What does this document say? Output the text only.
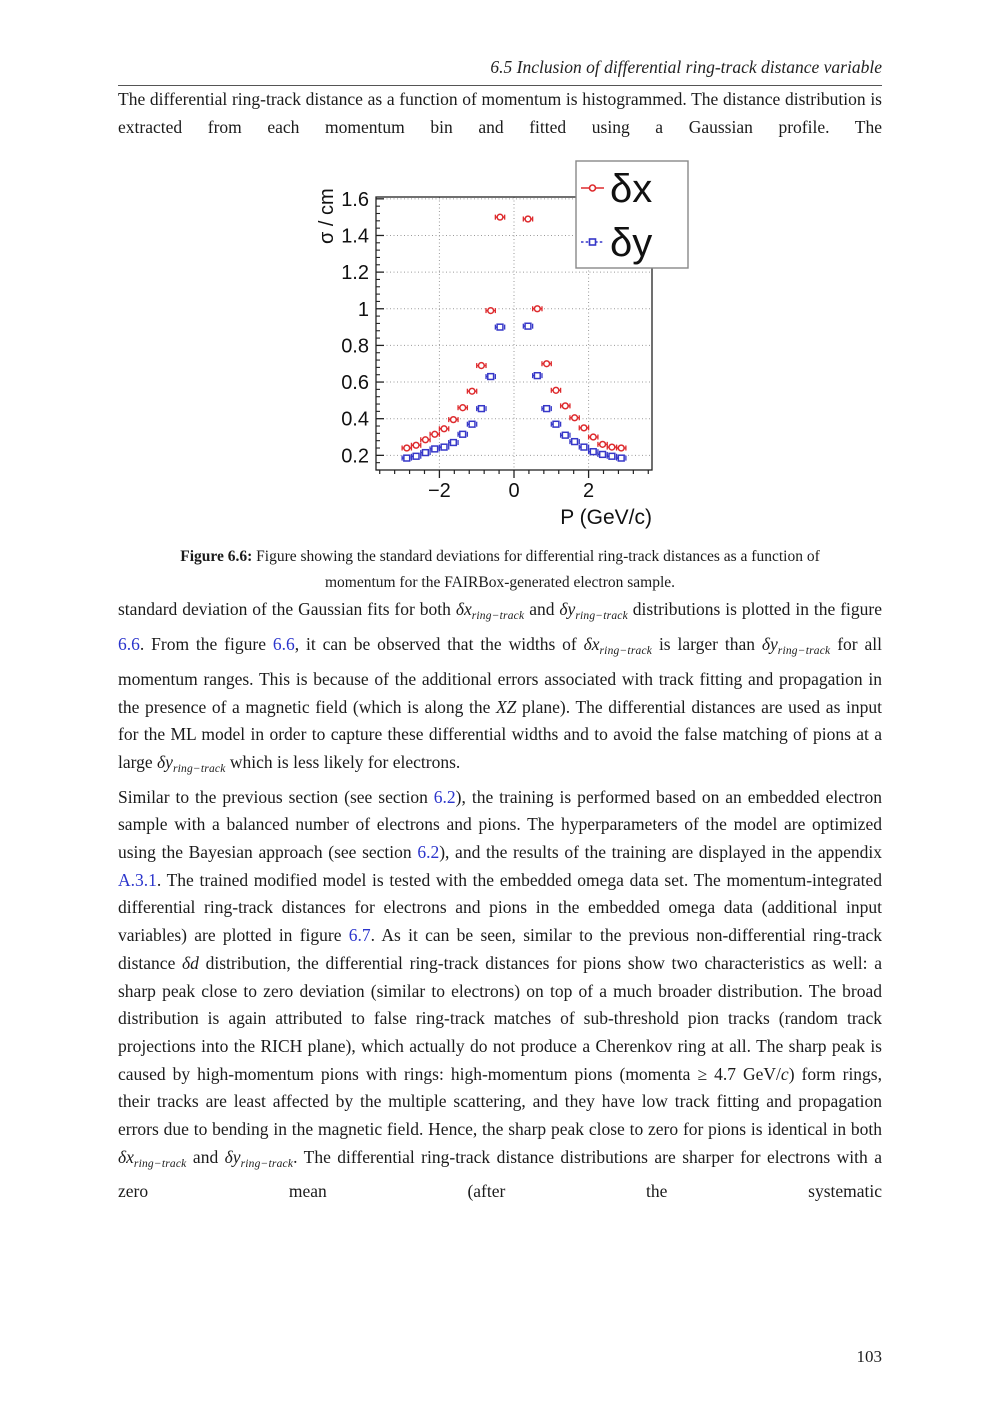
6.5 Inclusion of differential ring-track distance variable

The differential ring-track distance as a function of momentum is histogrammed. The distance distribution is extracted from each momentum bin and fitted using a Gaussian profile. The

−2	0	2
0.2
0.4
0.6
0.8
1
1.2
1.4
1.6
P (GeV/c)
σ / cm	δx
δy
Figure 6.6: Figure showing the standard deviations for differential ring-track distances as a function of momentum for the FAIRBox-generated electron sample.

standard deviation of the Gaussian fits for both $\delta x_{ring-track}$ and $\delta y_{ring-track}$ distributions is plotted in the figure 6.6. From the figure 6.6, it can be observed that the widths of $\delta x_{ring-track}$ is larger than $\delta y_{ring-track}$ for all momentum ranges. This is because of the additional errors associated with track fitting and propagation in the presence of a magnetic field (which is along the XZ plane). The differential distances are used as input for the ML model in order to capture these differential widths and to avoid the false matching of pions at a large $\delta y_{ring-track}$ which is less likely for electrons.

Similar to the previous section (see section 6.2), the training is performed based on an embedded electron sample with a balanced number of electrons and pions. The hyperparameters of the model are optimized using the Bayesian approach (see section 6.2), and the results of the training are displayed in the appendix A.3.1. The trained modified model is tested with the embedded omega data set. The momentum-integrated differential ring-track distances for electrons and pions in the embedded omega data (additional input variables) are plotted in figure 6.7. As it can be seen, similar to the previous non-differential ring-track distance δd distribution, the differential ring-track distances for pions show two characteristics as well: a sharp peak close to zero deviation (similar to electrons) on top of a much broader distribution. The broad distribution is again attributed to false ring-track matches of sub-threshold pion tracks (random track projections into the RICH plane), which actually do not produce a Cherenkov ring at all. The sharp peak is caused by high-momentum pions with rings: high-momentum pions (momenta ≥ 4.7 GeV/c) form rings, their tracks are least affected by the multiple scattering, and they have low track fitting and propagation errors due to bending in the magnetic field. Hence, the sharp peak close to zero for pions is identical in both $\delta x_{ring-track}$ and $\delta y_{ring-track}$. The differential ring-track distance distributions are sharper for electrons with a zero mean (after the systematic

103
